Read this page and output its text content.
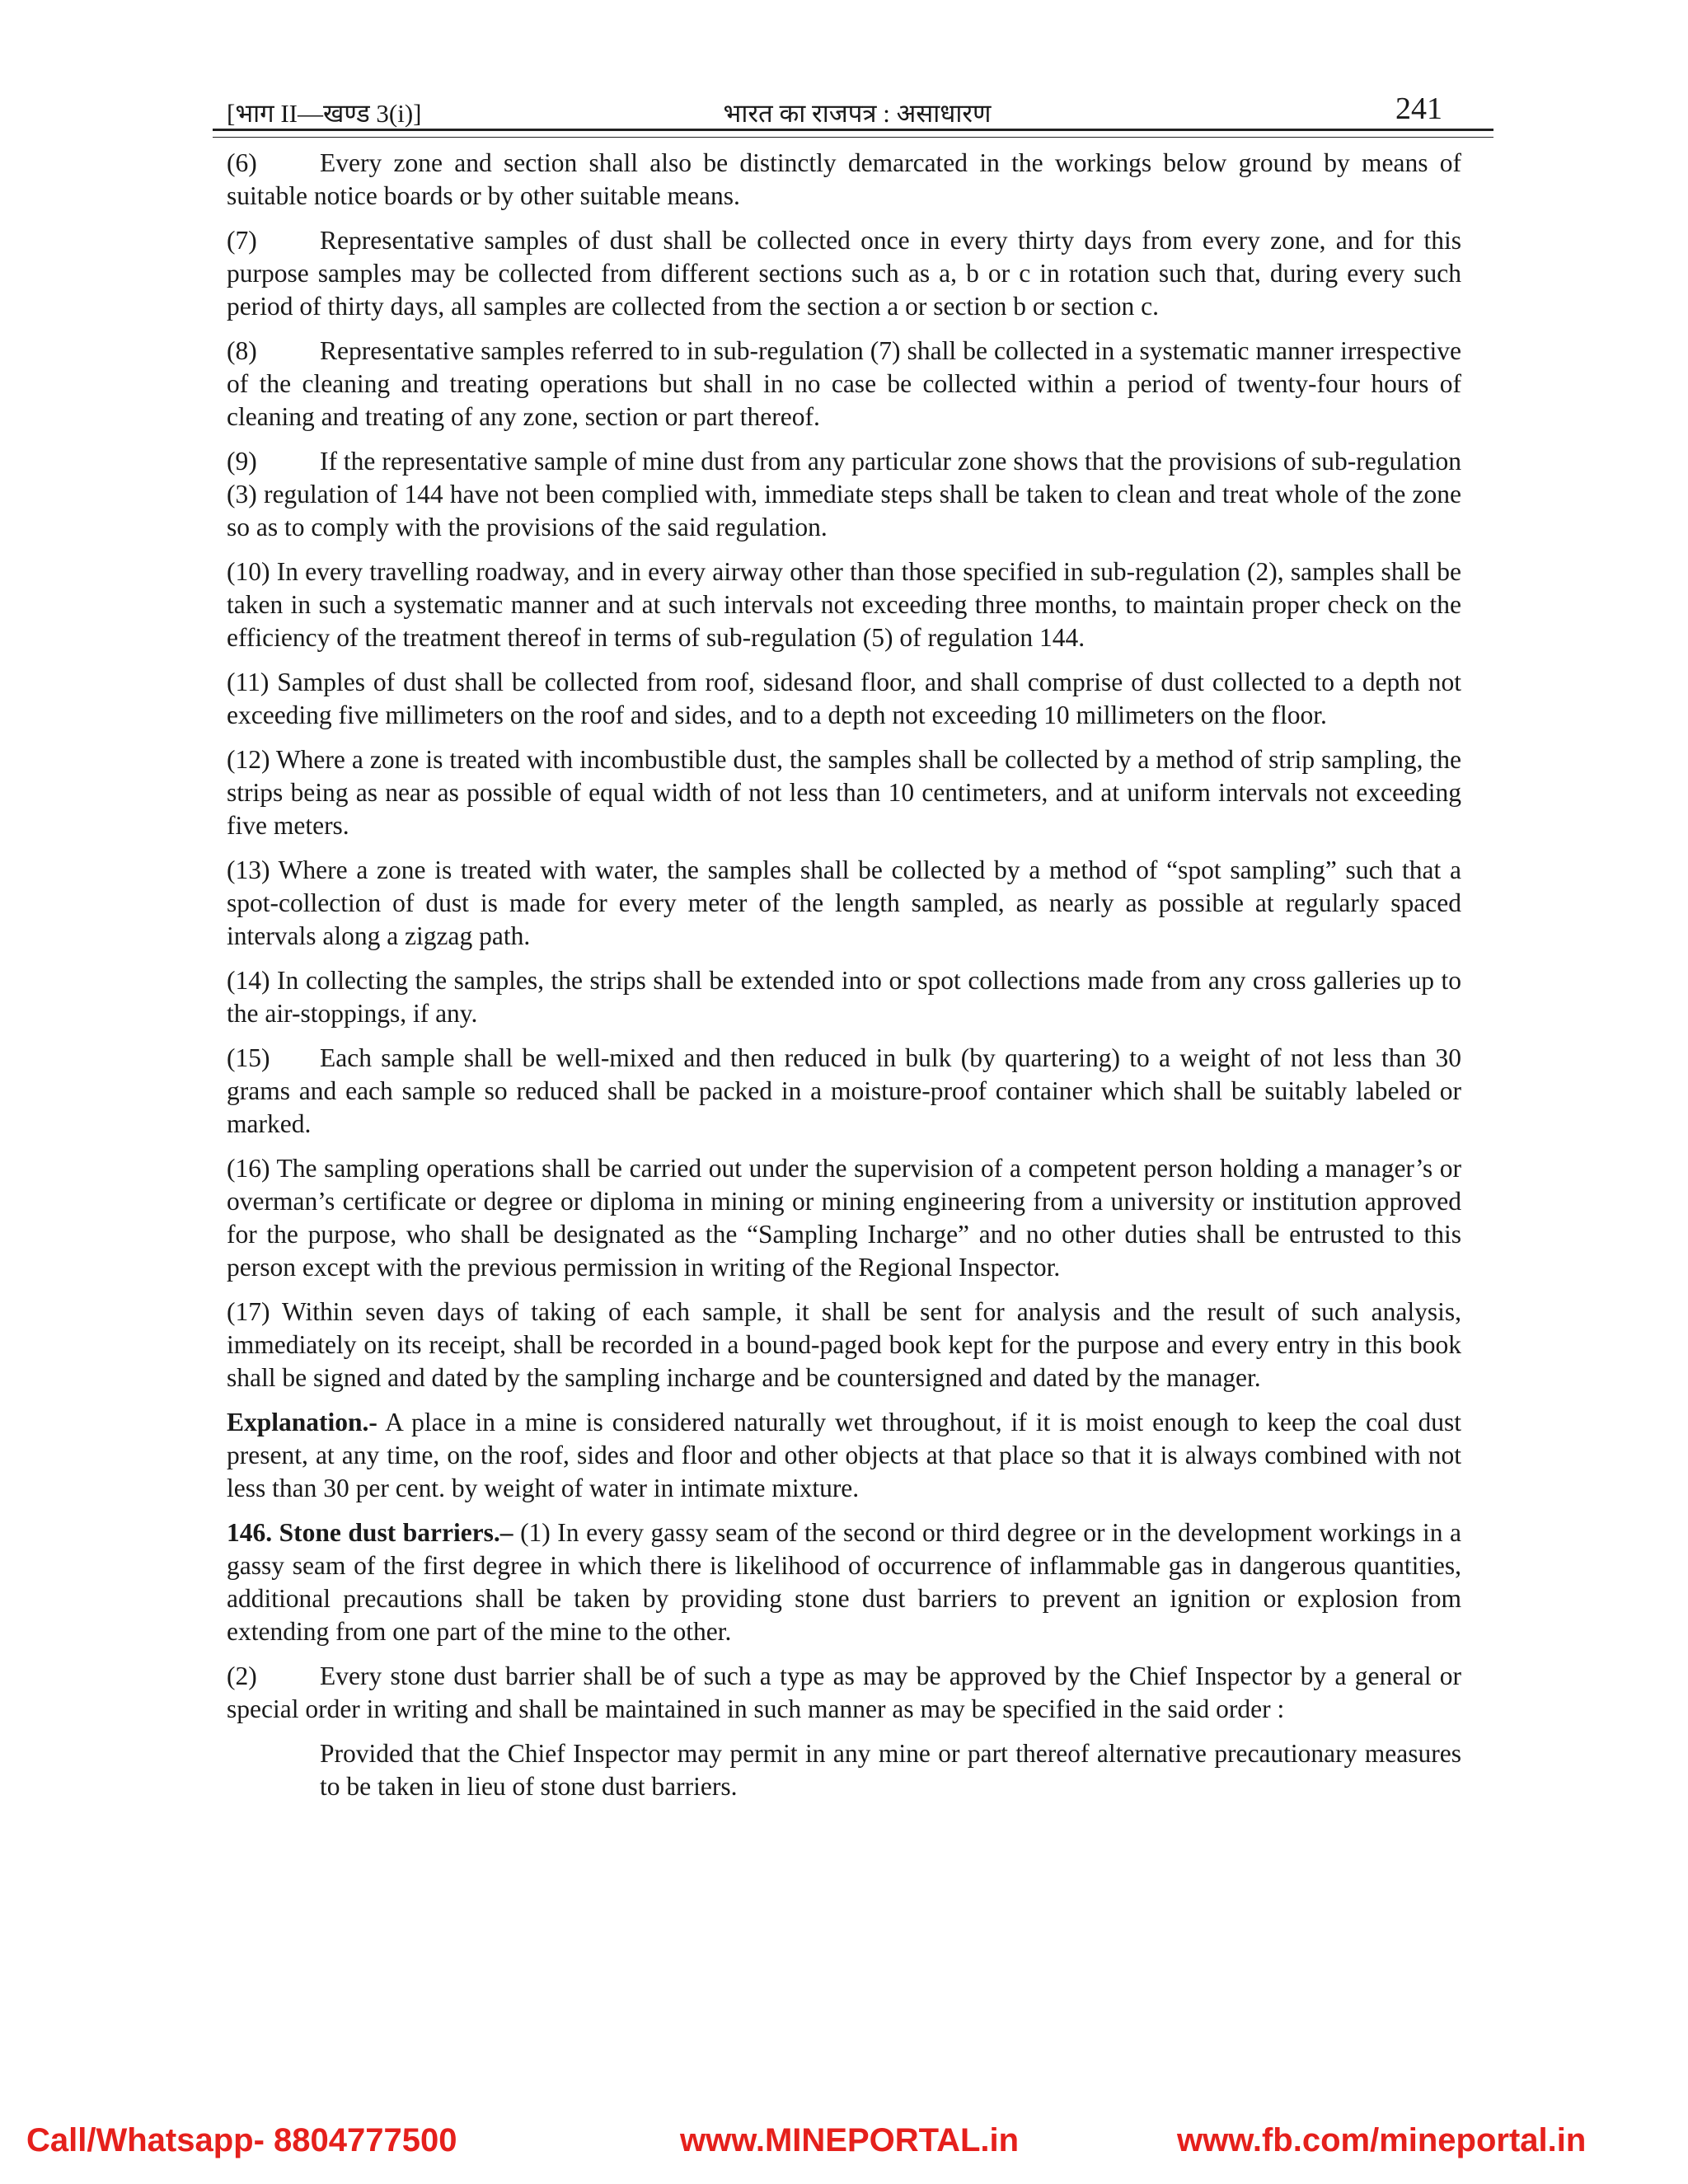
[भाग II—खण्ड 3(i)]	भारत का राजपत्र : असाधारण	241

(6) Every zone and section shall also be distinctly demarcated in the workings below ground by means of suitable notice boards or by other suitable means.

(7) Representative samples of dust shall be collected once in every thirty days from every zone, and for this purpose samples may be collected from different sections such as a, b or c in rotation such that, during every such period of thirty days, all samples are collected from the section a or section b or section c.

(8) Representative samples referred to in sub-regulation (7) shall be collected in a systematic manner irrespective of the cleaning and treating operations but shall in no case be collected within a period of twenty-four hours of cleaning and treating of any zone, section or part thereof.

(9) If the representative sample of mine dust from any particular zone shows that the provisions of sub-regulation (3) regulation of 144 have not been complied with, immediate steps shall be taken to clean and treat whole of the zone so as to comply with the provisions of the said regulation.

(10) In every travelling roadway, and in every airway other than those specified in sub-regulation (2), samples shall be taken in such a systematic manner and at such intervals not exceeding three months, to maintain proper check on the efficiency of the treatment thereof in terms of sub-regulation (5) of regulation 144.

(11) Samples of dust shall be collected from roof, sidesand floor, and shall comprise of dust collected to a depth not exceeding five millimeters on the roof and sides, and to a depth not exceeding 10 millimeters on the floor.

(12) Where a zone is treated with incombustible dust, the samples shall be collected by a method of strip sampling, the strips being as near as possible of equal width of not less than 10 centimeters, and at uniform intervals not exceeding five meters.

(13) Where a zone is treated with water, the samples shall be collected by a method of “spot sampling” such that a spot-collection of dust is made for every meter of the length sampled, as nearly as possible at regularly spaced intervals along a zigzag path.

(14) In collecting the samples, the strips shall be extended into or spot collections made from any cross galleries up to the air-stoppings, if any.

(15) Each sample shall be well-mixed and then reduced in bulk (by quartering) to a weight of not less than 30 grams and each sample so reduced shall be packed in a moisture-proof container which shall be suitably labeled or marked.

(16) The sampling operations shall be carried out under the supervision of a competent person holding a manager’s or overman’s certificate or degree or diploma in mining or mining engineering from a university or institution approved for the purpose, who shall be designated as the “Sampling Incharge” and no other duties shall be entrusted to this person except with the previous permission in writing of the Regional Inspector.

(17) Within seven days of taking of each sample, it shall be sent for analysis and the result of such analysis, immediately on its receipt, shall be recorded in a bound-paged book kept for the purpose and every entry in this book shall be signed and dated by the sampling incharge and be countersigned and dated by the manager.

Explanation.- A place in a mine is considered naturally wet throughout, if it is moist enough to keep the coal dust present, at any time, on the roof, sides and floor and other objects at that place so that it is always combined with not less than 30 per cent. by weight of water in intimate mixture.

146. Stone dust barriers.– (1) In every gassy seam of the second or third degree or in the development workings in a gassy seam of the first degree in which there is likelihood of occurrence of inflammable gas in dangerous quantities, additional precautions shall be taken by providing stone dust barriers to prevent an ignition or explosion from extending from one part of the mine to the other.

(2) Every stone dust barrier shall be of such a type as may be approved by the Chief Inspector by a general or special order in writing and shall be maintained in such manner as may be specified in the said order :

Provided that the Chief Inspector may permit in any mine or part thereof alternative precautionary measures to be taken in lieu of stone dust barriers.

Call/Whatsapp- 8804777500	www.MINEPORTAL.in	www.fb.com/mineportal.in
